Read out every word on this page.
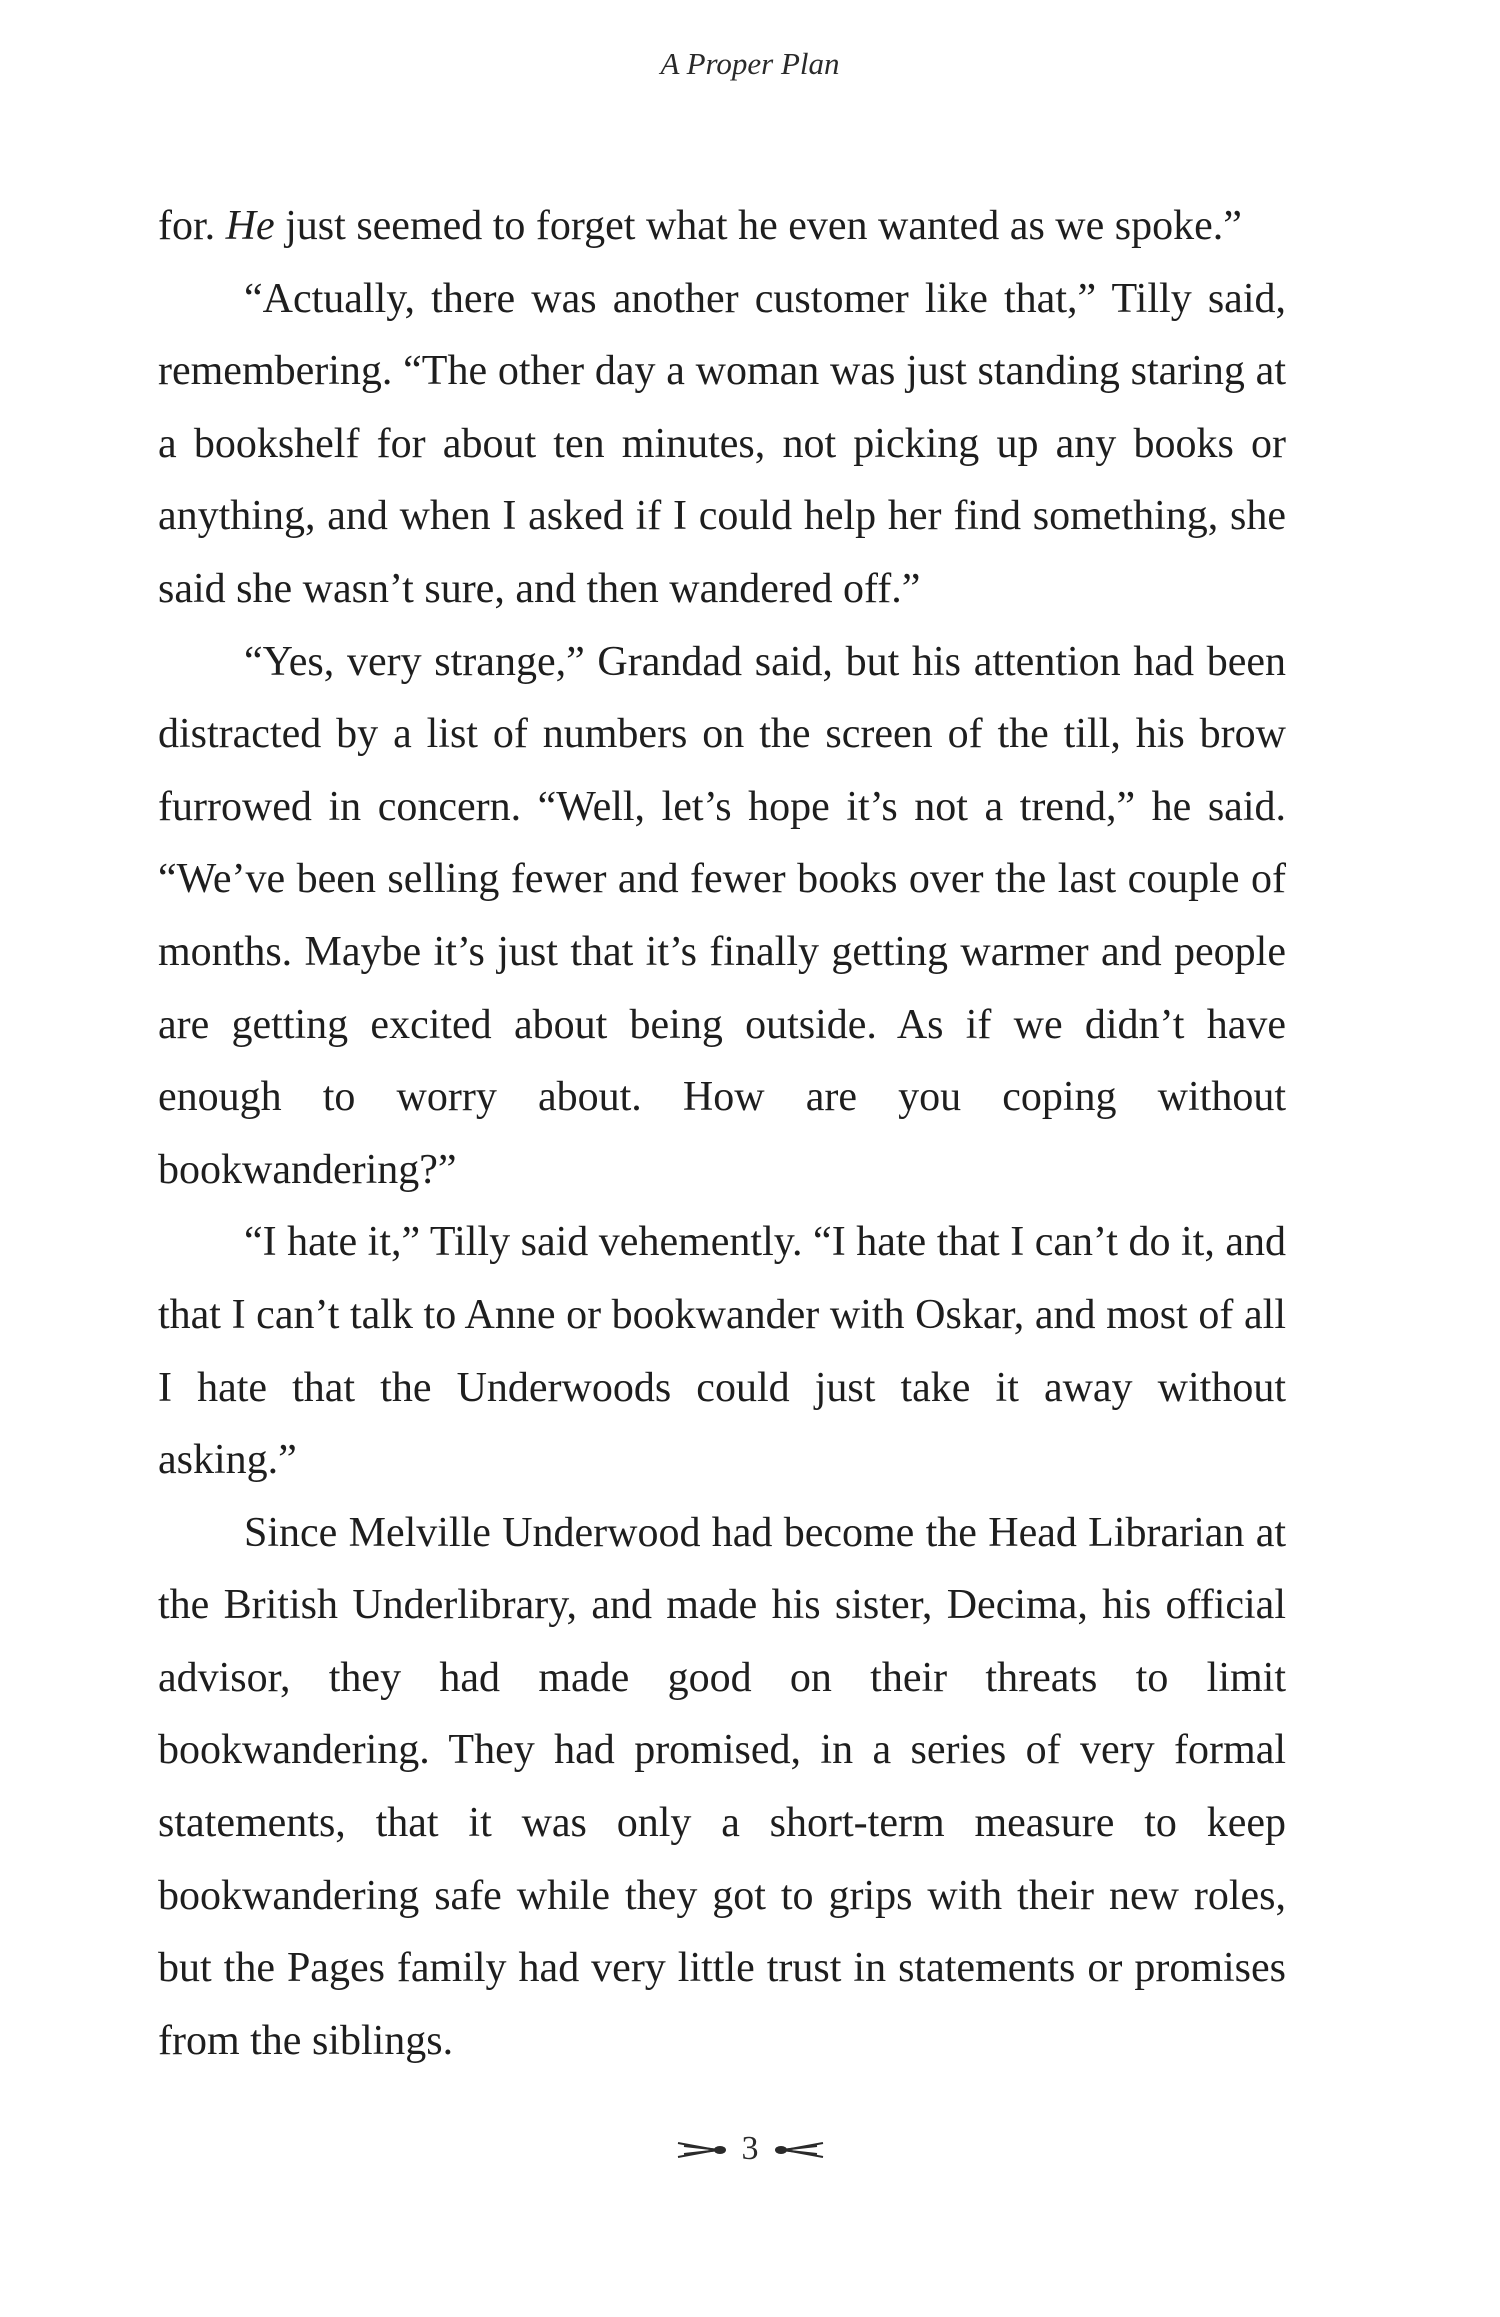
A Proper Plan

for. He just seemed to forget what he even wanted as we spoke.”

“Actually, there was another customer like that,” Tilly said, remembering. “The other day a woman was just standing staring at a bookshelf for about ten minutes, not picking up any books or anything, and when I asked if I could help her find something, she said she wasn’t sure, and then wandered off.”

“Yes, very strange,” Grandad said, but his attention had been distracted by a list of numbers on the screen of the till, his brow furrowed in concern. “Well, let’s hope it’s not a trend,” he said. “We’ve been selling fewer and fewer books over the last couple of months. Maybe it’s just that it’s finally getting warmer and people are getting excited about being outside. As if we didn’t have enough to worry about. How are you coping without bookwandering?”

“I hate it,” Tilly said vehemently. “I hate that I can’t do it, and that I can’t talk to Anne or bookwander with Oskar, and most of all I hate that the Underwoods could just take it away without asking.”

Since Melville Underwood had become the Head Librarian at the British Underlibrary, and made his sister, Decima, his official advisor, they had made good on their threats to limit bookwandering. They had promised, in a series of very formal statements, that it was only a short-term measure to keep bookwandering safe while they got to grips with their new roles, but the Pages family had very little trust in statements or promises from the siblings.

3
